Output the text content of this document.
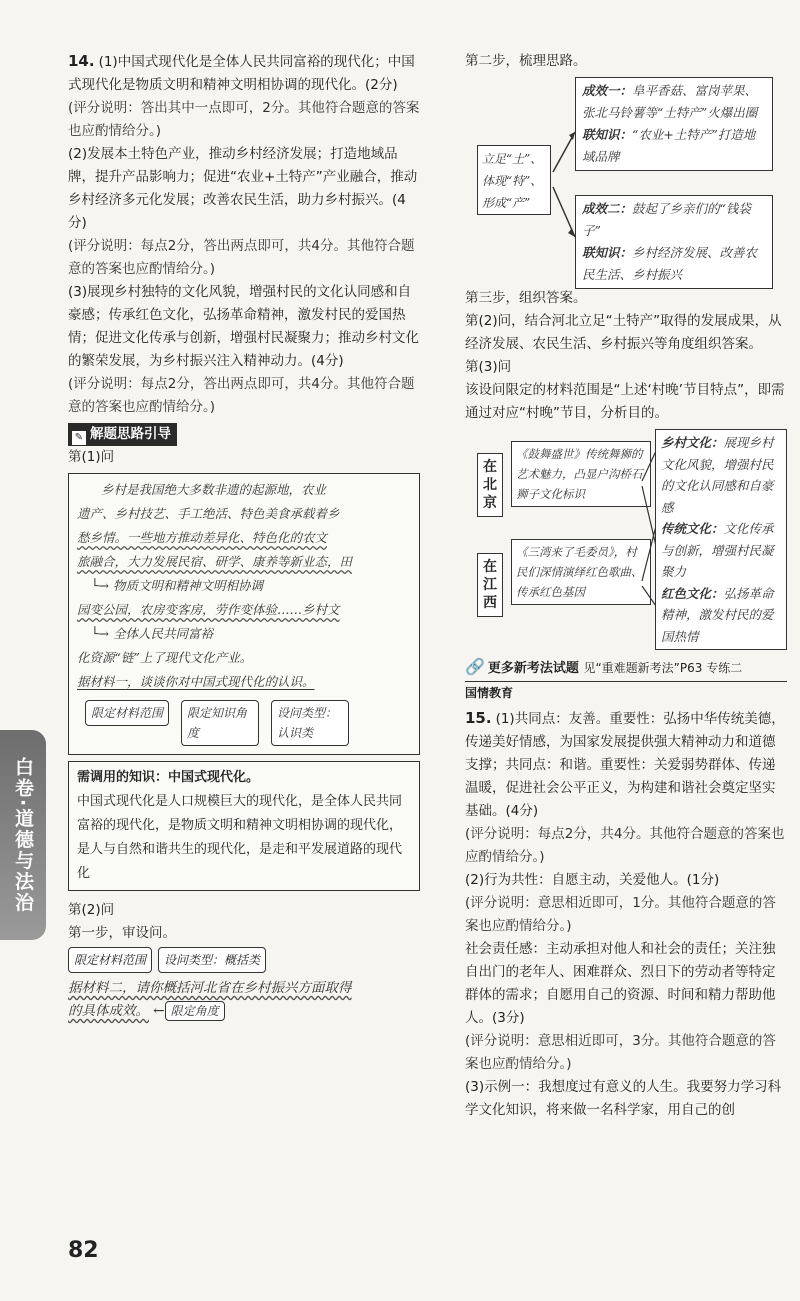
白卷·道德与法治

14. (1)中国式现代化是全体人民共同富裕的现代化；中国式现代化是物质文明和精神文明相协调的现代化。(2分)

(评分说明：答出其中一点即可，2分。其他符合题意的答案也应酌情给分。)

(2)发展本土特色产业，推动乡村经济发展；打造地域品牌，提升产品影响力；促进“农业+土特产”产业融合，推动乡村经济多元化发展；改善农民生活，助力乡村振兴。(4分)

(评分说明：每点2分，答出两点即可，共4分。其他符合题意的答案也应酌情给分。)

(3)展现乡村独特的文化风貌，增强村民的文化认同感和自豪感；传承红色文化，弘扬革命精神，激发村民的爱国热情；促进文化传承与创新，增强村民凝聚力；推动乡村文化的繁荣发展，为乡村振兴注入精神动力。(4分)

(评分说明：每点2分，答出两点即可，共4分。其他符合题意的答案也应酌情给分。)

✎ 解题思路引导

第(1)问

乡村是我国绝大多数非遗的起源地，农业
遗产、乡村技艺、手工绝活、特色美食承载着乡
愁乡情。一些地方推动差异化、特色化的农文
旅融合，大力发展民宿、研学、康养等新业态，田
└→ 物质文明和精神文明相协调
园变公园，农房变客房，劳作变体验……乡村文
└→ 全体人民共同富裕
化资源“链”上了现代文化产业。
据材料一，谈谈你对中国式现代化的认识。
限定材料范围	限定知识角度
设问类型：认识类
需调用的知识：中国式现代化。
中国式现代化是人口规模巨大的现代化，是全体人民共同富裕的现代化，是物质文明和精神文明相协调的现代化，是人与自然和谐共生的现代化，是走和平发展道路的现代化

第(2)问

第一步，审设问。

限定材料范围	设问类型：概括类

据材料二，请你概括河北省在乡村振兴方面取得

的具体成效。 ← 限定角度

82

第二步，梳理思路。

立足“土”、体现“特”、形成“产”
成效一：阜平香菇、富岗苹果、张北马铃薯等“土特产”火爆出圈
联知识：“农业+土特产”打造地域品牌
成效二：鼓起了乡亲们的“钱袋子”
联知识：乡村经济发展、改善农民生活、乡村振兴

第三步，组织答案。

第(2)问，结合河北立足“土特产”取得的发展成果，从经济发展、农民生活、乡村振兴等角度组织答案。

第(3)问

该设问限定的材料范围是“上述‘村晚’节目特点”，即需通过对应“村晚”节目，分析目的。

在北京
《鼓舞盛世》传统舞狮的艺术魅力，凸显户沟桥石狮子文化标识
在江西
《三湾来了毛委员》，村民们深情演绎红色歌曲、传承红色基因
乡村文化：展现乡村文化风貌，增强村民的文化认同感和自豪感
传统文化：文化传承与创新，增强村民凝聚力
红色文化：弘扬革命精神，激发村民的爱国热情
🔗 更多新考法试题 见“重难题新考法”P63 专练二

国情教育

15. (1)共同点：友善。重要性：弘扬中华传统美德，传递美好情感，为国家发展提供强大精神动力和道德支撑；共同点：和谐。重要性：关爱弱势群体、传递温暖，促进社会公平正义，为构建和谐社会奠定坚实基础。(4分)

(评分说明：每点2分，共4分。其他符合题意的答案也应酌情给分。)

(2)行为共性：自愿主动，关爱他人。(1分)

(评分说明：意思相近即可，1分。其他符合题意的答案也应酌情给分。)

社会责任感：主动承担对他人和社会的责任；关注独自出门的老年人、困难群众、烈日下的劳动者等特定群体的需求；自愿用自己的资源、时间和精力帮助他人。(3分)

(评分说明：意思相近即可，3分。其他符合题意的答案也应酌情给分。)

(3)示例一：我想度过有意义的人生。我要努力学习科学文化知识，将来做一名科学家，用自己的创
